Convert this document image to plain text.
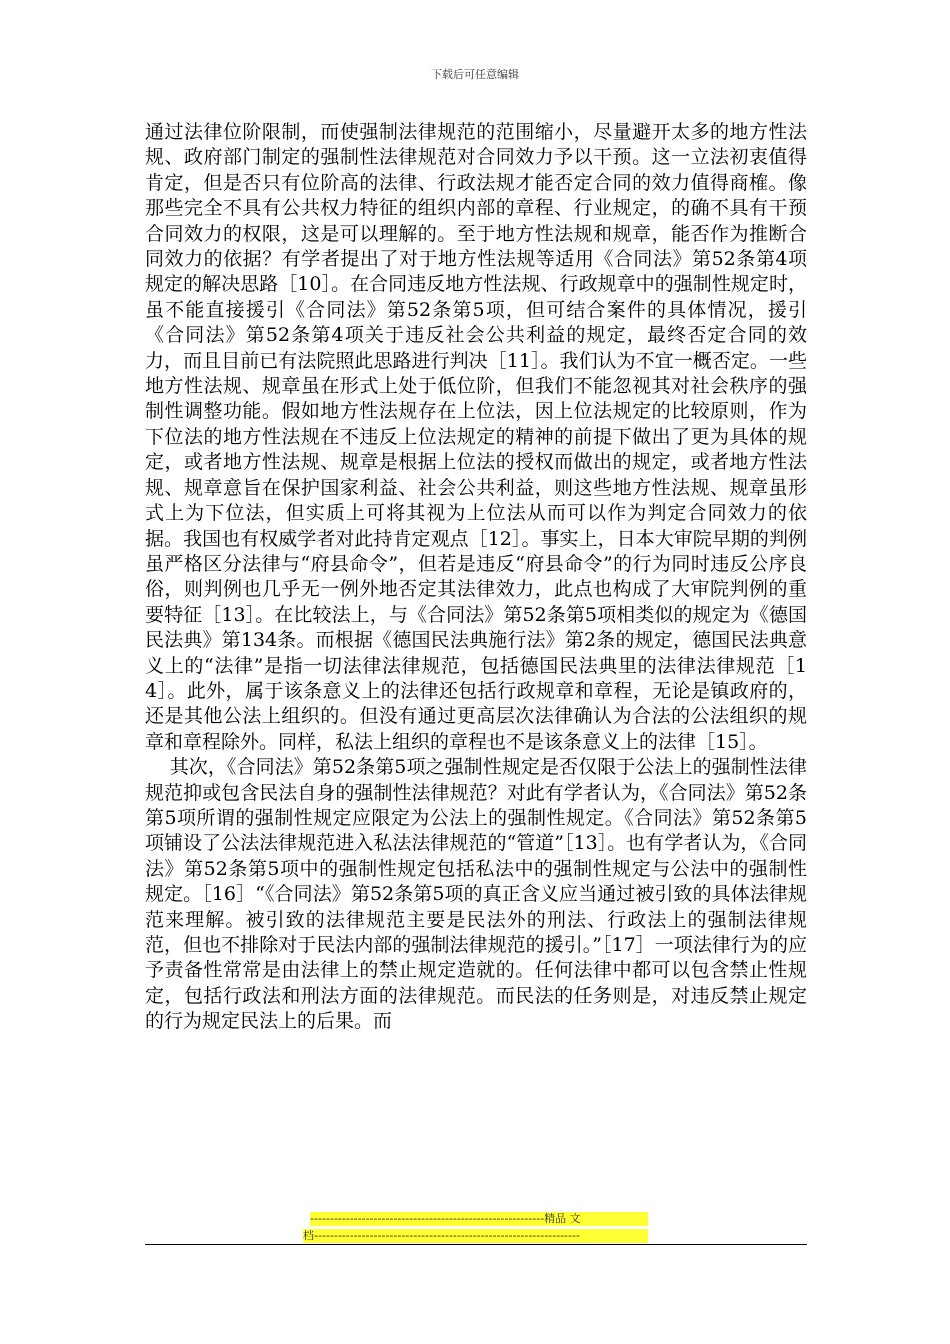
下载后可任意编辑

通过法律位阶限制，而使强制法律规范的范围缩小，尽量避开太多的地方性法规、政府部门制定的强制性法律规范对合同效力予以干预。这一立法初衷值得肯定，但是否只有位阶高的法律、行政法规才能否定合同的效力值得商榷。像那些完全不具有公共权力特征的组织内部的章程、行业规定，的确不具有干预合同效力的权限，这是可以理解的。至于地方性法规和规章，能否作为推断合同效力的依据？有学者提出了对于地方性法规等适用《合同法》第52条第4项规定的解决思路［10］。在合同违反地方性法规、行政规章中的强制性规定时，虽不能直接援引《合同法》第52条第5项，但可结合案件的具体情况，援引《合同法》第52条第4项关于违反社会公共利益的规定，最终否定合同的效力，而且目前已有法院照此思路进行判决［11］。我们认为不宜一概否定。一些地方性法规、规章虽在形式上处于低位阶，但我们不能忽视其对社会秩序的强制性调整功能。假如地方性法规存在上位法，因上位法规定的比较原则，作为下位法的地方性法规在不违反上位法规定的精神的前提下做出了更为具体的规定，或者地方性法规、规章是根据上位法的授权而做出的规定，或者地方性法规、规章意旨在保护国家利益、社会公共利益，则这些地方性法规、规章虽形式上为下位法，但实质上可将其视为上位法从而可以作为判定合同效力的依据。我国也有权威学者对此持肯定观点［12］。事实上，日本大审院早期的判例虽严格区分法律与“府县命令”，但若是违反“府县命令”的行为同时违反公序良俗，则判例也几乎无一例外地否定其法律效力，此点也构成了大审院判例的重要特征［13］。在比较法上，与《合同法》第52条第5项相类似的规定为《德国民法典》第134条。而根据《德国民法典施行法》第2条的规定，德国民法典意义上的“法律”是指一切法律法律规范，包括德国民法典里的法律法律规范［14］。此外，属于该条意义上的法律还包括行政规章和章程，无论是镇政府的，还是其他公法上组织的。但没有通过更高层次法律确认为合法的公法组织的规章和章程除外。同样，私法上组织的章程也不是该条意义上的法律［15］。

其次，《合同法》第52条第5项之强制性规定是否仅限于公法上的强制性法律规范抑或包含民法自身的强制性法律规范？对此有学者认为，《合同法》第52条第5项所谓的强制性规定应限定为公法上的强制性规定。《合同法》第52条第5项铺设了公法法律规范进入私法法律规范的“管道”［13］。也有学者认为，《合同法》第52条第5项中的强制性规定包括私法中的强制性规定与公法中的强制性规定。［16］“《合同法》第52条第5项的真正含义应当通过被引致的具体法律规范来理解。被引致的法律规范主要是民法外的刑法、行政法上的强制法律规范，但也不排除对于民法内部的强制法律规范的援引。”［17］一项法律行为的应予责备性常常是由法律上的禁止规定造就的。任何法律中都可以包含禁止性规定，包括行政法和刑法方面的法律规范。而民法的任务则是，对违反禁止规定的行为规定民法上的后果。而

-----------------------------------------------------------精品 文
档-------------------------------------------------------------------
